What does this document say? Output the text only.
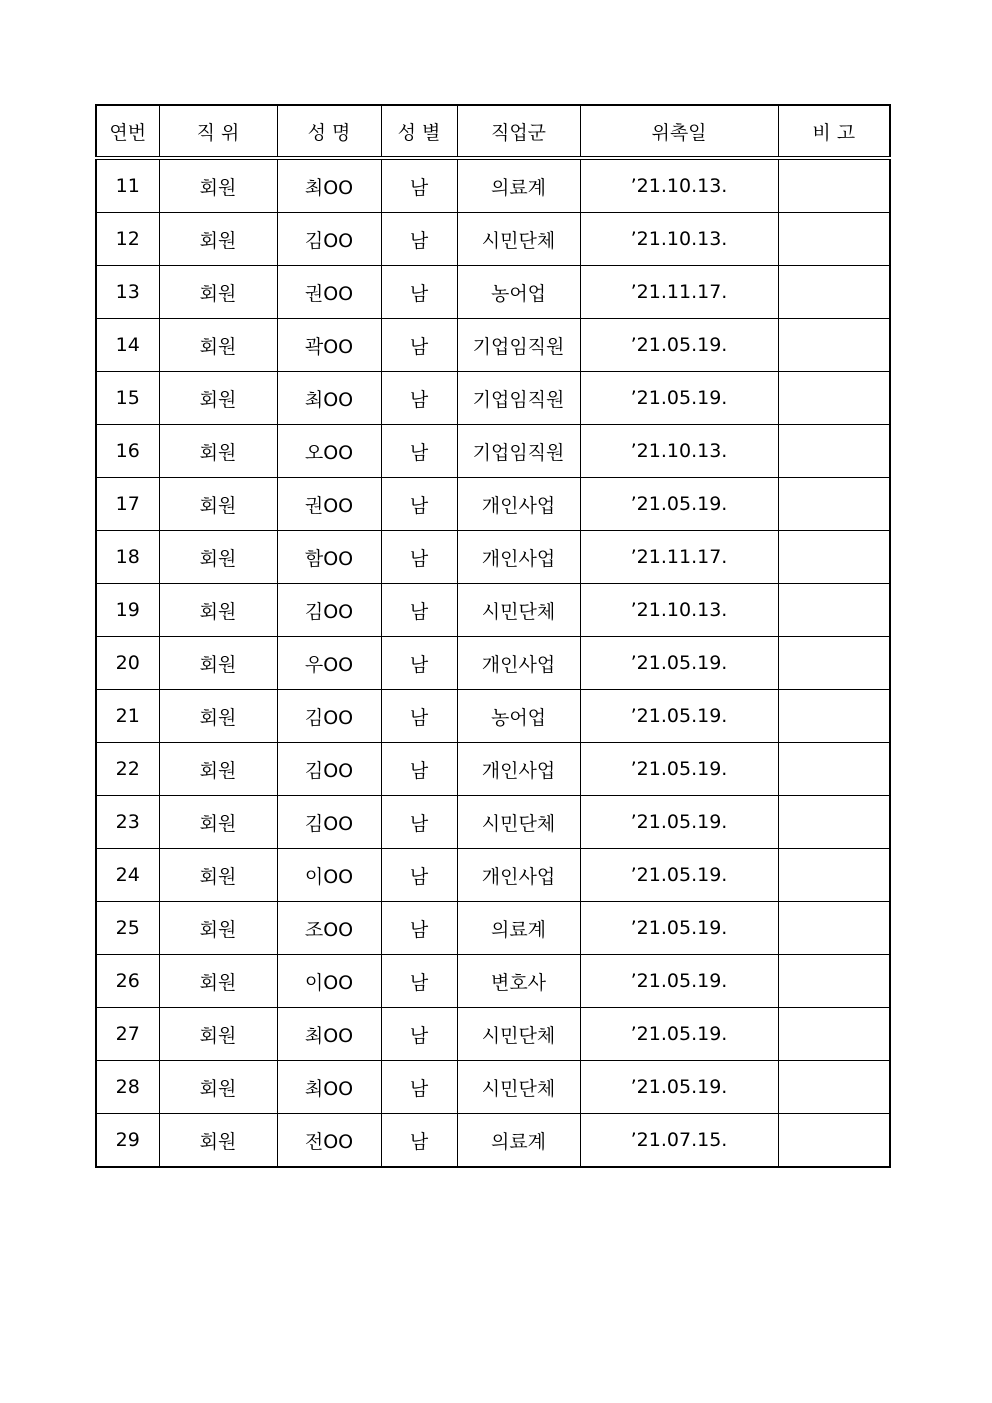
연번	직 위	성 명	성 별	직업군	위촉일	비 고
11	회원	최OO	남	의료계	’21.10.13.	
12	회원	김OO	남	시민단체	’21.10.13.	
13	회원	권OO	남	농어업	’21.11.17.	
14	회원	곽OO	남	기업임직원	’21.05.19.	
15	회원	최OO	남	기업임직원	’21.05.19.	
16	회원	오OO	남	기업임직원	’21.10.13.	
17	회원	권OO	남	개인사업	’21.05.19.	
18	회원	함OO	남	개인사업	’21.11.17.	
19	회원	김OO	남	시민단체	’21.10.13.	
20	회원	우OO	남	개인사업	’21.05.19.	
21	회원	김OO	남	농어업	’21.05.19.	
22	회원	김OO	남	개인사업	’21.05.19.	
23	회원	김OO	남	시민단체	’21.05.19.	
24	회원	이OO	남	개인사업	’21.05.19.	
25	회원	조OO	남	의료계	’21.05.19.	
26	회원	이OO	남	변호사	’21.05.19.	
27	회원	최OO	남	시민단체	’21.05.19.	
28	회원	최OO	남	시민단체	’21.05.19.	
29	회원	전OO	남	의료계	’21.07.15.	
